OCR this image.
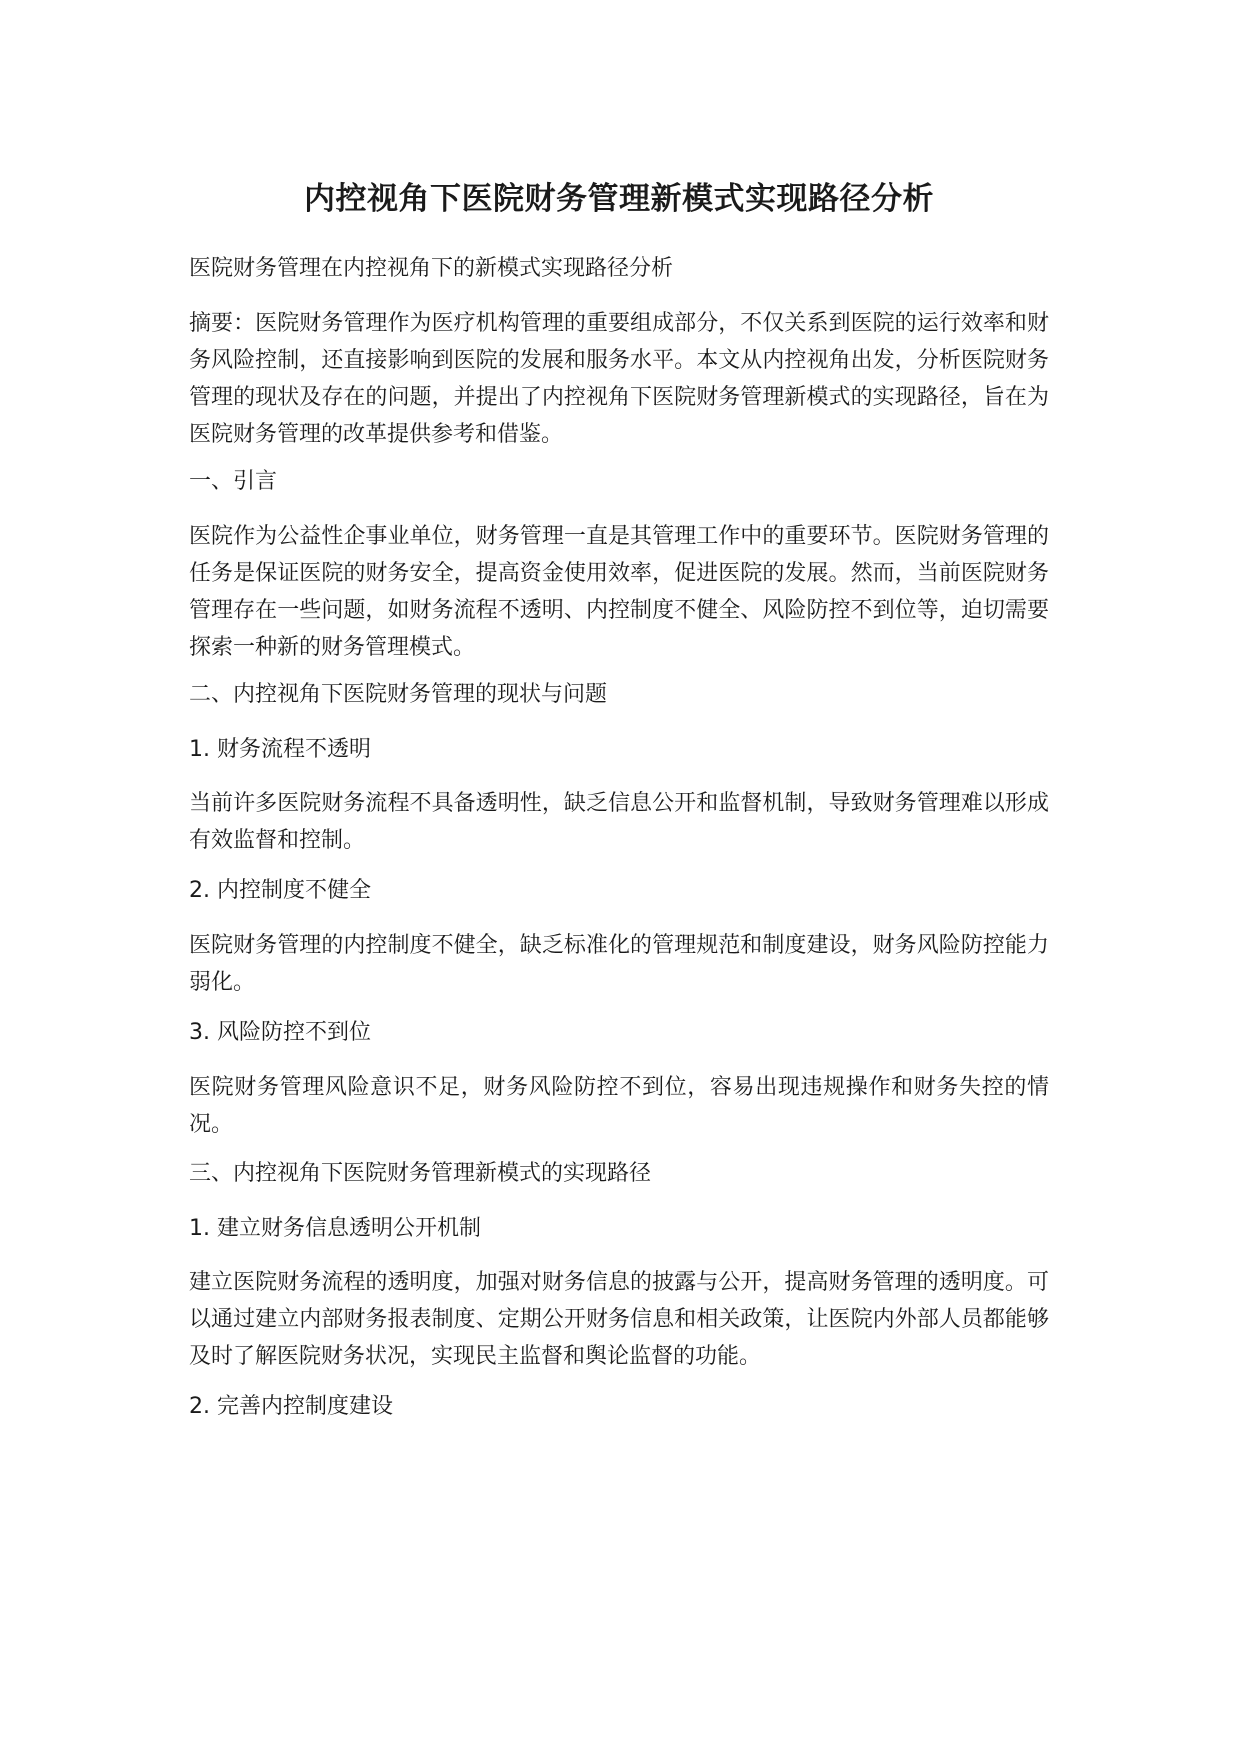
内控视角下医院财务管理新模式实现路径分析

医院财务管理在内控视角下的新模式实现路径分析

摘要：医院财务管理作为医疗机构管理的重要组成部分，不仅关系到医院的运行效率和财务风险控制，还直接影响到医院的发展和服务水平。本文从内控视角出发，分析医院财务管理的现状及存在的问题，并提出了内控视角下医院财务管理新模式的实现路径，旨在为医院财务管理的改革提供参考和借鉴。

一、引言

医院作为公益性企事业单位，财务管理一直是其管理工作中的重要环节。医院财务管理的任务是保证医院的财务安全，提高资金使用效率，促进医院的发展。然而，当前医院财务管理存在一些问题，如财务流程不透明、内控制度不健全、风险防控不到位等，迫切需要探索一种新的财务管理模式。

二、内控视角下医院财务管理的现状与问题

1. 财务流程不透明

当前许多医院财务流程不具备透明性，缺乏信息公开和监督机制，导致财务管理难以形成有效监督和控制。

2. 内控制度不健全

医院财务管理的内控制度不健全，缺乏标准化的管理规范和制度建设，财务风险防控能力弱化。

3. 风险防控不到位

医院财务管理风险意识不足，财务风险防控不到位，容易出现违规操作和财务失控的情况。

三、内控视角下医院财务管理新模式的实现路径

1. 建立财务信息透明公开机制

建立医院财务流程的透明度，加强对财务信息的披露与公开，提高财务管理的透明度。可以通过建立内部财务报表制度、定期公开财务信息和相关政策，让医院内外部人员都能够及时了解医院财务状况，实现民主监督和舆论监督的功能。

2. 完善内控制度建设
